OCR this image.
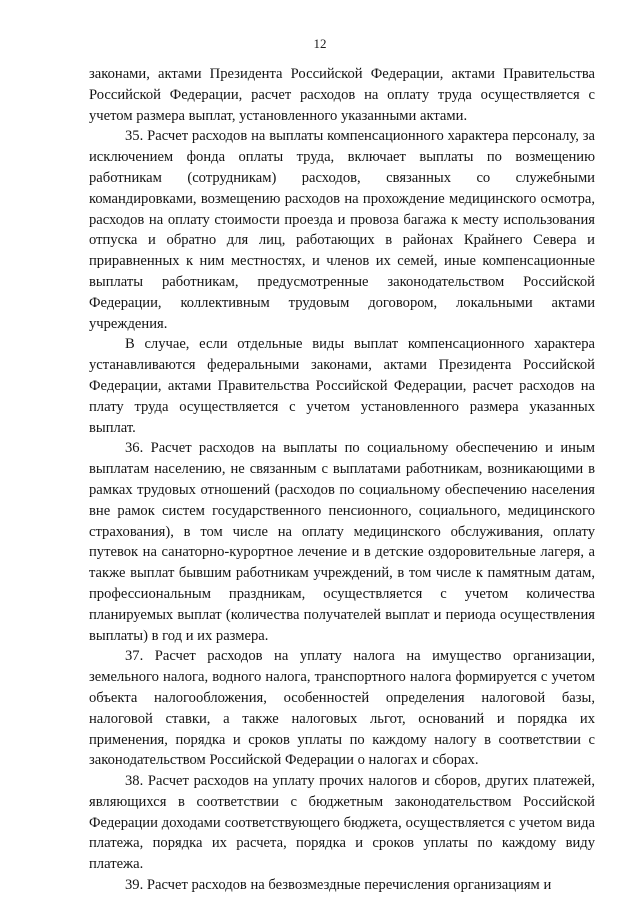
12

законами, актами Президента Российской Федерации, актами Правительства Российской Федерации, расчет расходов на оплату труда осуществляется с учетом размера выплат, установленного указанными актами.

35. Расчет расходов на выплаты компенсационного характера персоналу, за исключением фонда оплаты труда, включает выплаты по возмещению работникам (сотрудникам) расходов, связанных со служебными командировками, возмещению расходов на прохождение медицинского осмотра, расходов на оплату стоимости проезда и провоза багажа к месту использования отпуска и обратно для лиц, работающих в районах Крайнего Севера и приравненных к ним местностях, и членов их семей, иные компенсационные выплаты работникам, предусмотренные законодательством Российской Федерации, коллективным трудовым договором, локальными актами учреждения.

В случае, если отдельные виды выплат компенсационного характера устанавливаются федеральными законами, актами Президента Российской Федерации, актами Правительства Российской Федерации, расчет расходов на плату труда осуществляется с учетом установленного размера указанных выплат.

36. Расчет расходов на выплаты по социальному обеспечению и иным выплатам населению, не связанным с выплатами работникам, возникающими в рамках трудовых отношений (расходов по социальному обеспечению населения вне рамок систем государственного пенсионного, социального, медицинского страхования), в том числе на оплату медицинского обслуживания, оплату путевок на санаторно-курортное лечение и в детские оздоровительные лагеря, а также выплат бывшим работникам учреждений, в том числе к памятным датам, профессиональным праздникам, осуществляется с учетом количества планируемых выплат (количества получателей выплат и периода осуществления выплаты) в год и их размера.

37. Расчет расходов на уплату налога на имущество организации, земельного налога, водного налога, транспортного налога формируется с учетом объекта налогообложения, особенностей определения налоговой базы, налоговой ставки, а также налоговых льгот, оснований и порядка их применения, порядка и сроков уплаты по каждому налогу в соответствии с законодательством Российской Федерации о налогах и сборах.

38. Расчет расходов на уплату прочих налогов и сборов, других платежей, являющихся в соответствии с бюджетным законодательством Российской Федерации доходами соответствующего бюджета, осуществляется с учетом вида платежа, порядка их расчета, порядка и сроков уплаты по каждому виду платежа.

39. Расчет расходов на безвозмездные перечисления организациям и
